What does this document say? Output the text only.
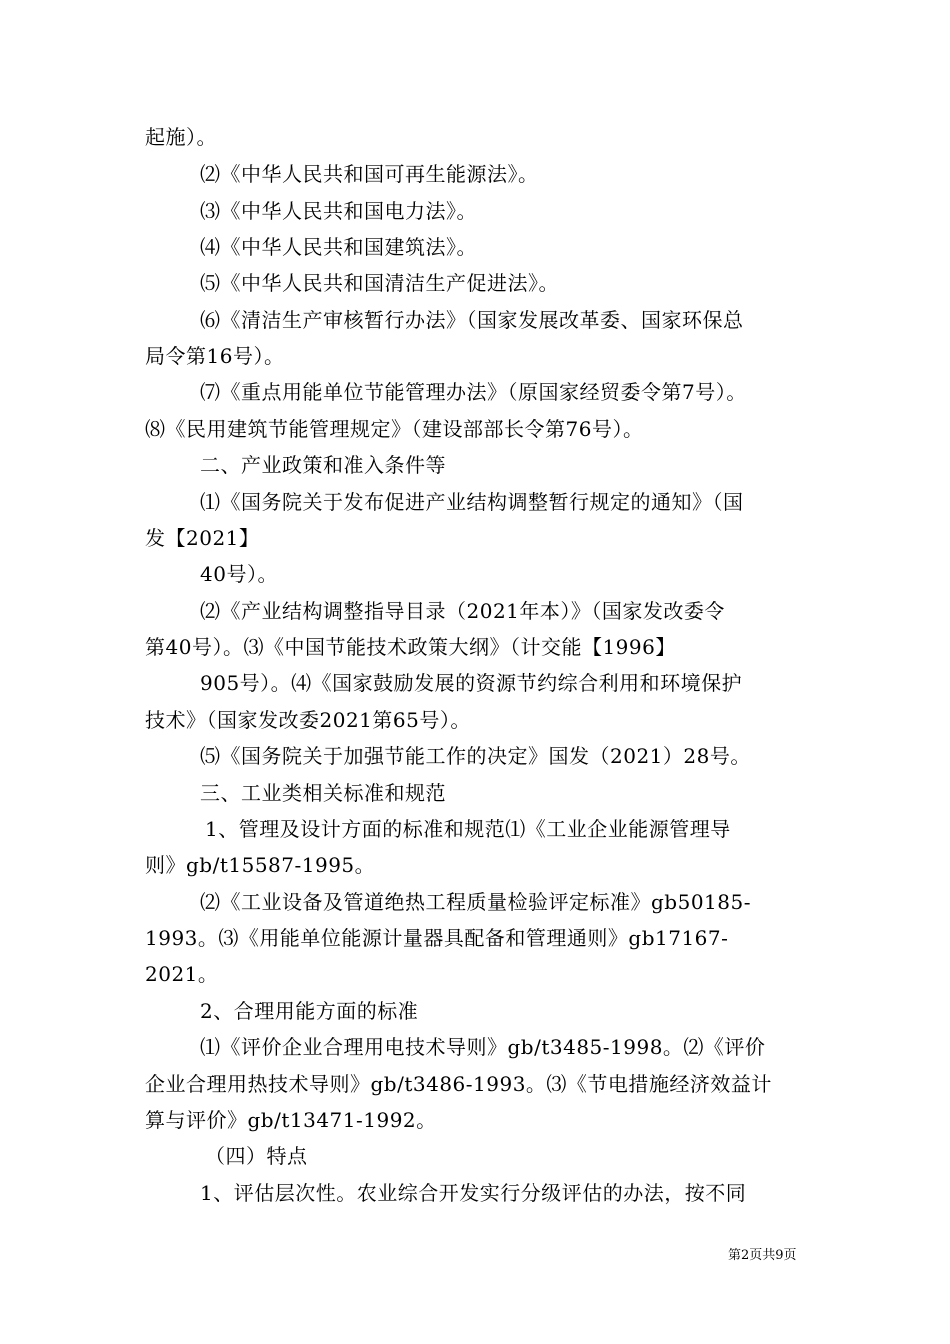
起施）。
⑵《中华人民共和国可再生能源法》。
⑶《中华人民共和国电力法》。
⑷《中华人民共和国建筑法》。
⑸《中华人民共和国清洁生产促进法》。
⑹《清洁生产审核暂行办法》（国家发展改革委、国家环保总
局令第16号）。
⑺《重点用能单位节能管理办法》（原国家经贸委令第7号）。
⑻《民用建筑节能管理规定》（建设部部长令第76号）。
二、产业政策和准入条件等
⑴《国务院关于发布促进产业结构调整暂行规定的通知》（国
发【2021】
40号）。
⑵《产业结构调整指导目录（2021年本）》（国家发改委令
第40号）。⑶《中国节能技术政策大纲》（计交能【1996】
905号）。⑷《国家鼓励发展的资源节约综合利用和环境保护
技术》（国家发改委2021第65号）。
⑸《国务院关于加强节能工作的决定》国发（2021）28号。
三、工业类相关标准和规范
1、管理及设计方面的标准和规范⑴《工业企业能源管理导
则》gb/t15587-1995。
⑵《工业设备及管道绝热工程质量检验评定标准》gb50185-
1993。⑶《用能单位能源计量器具配备和管理通则》gb17167-
2021。
2、合理用能方面的标准
⑴《评价企业合理用电技术导则》gb/t3485-1998。⑵《评价
企业合理用热技术导则》gb/t3486-1993。⑶《节电措施经济效益计
算与评价》gb/t13471-1992。
（四）特点
1、评估层次性。农业综合开发实行分级评估的办法，按不同
第2页共9页
